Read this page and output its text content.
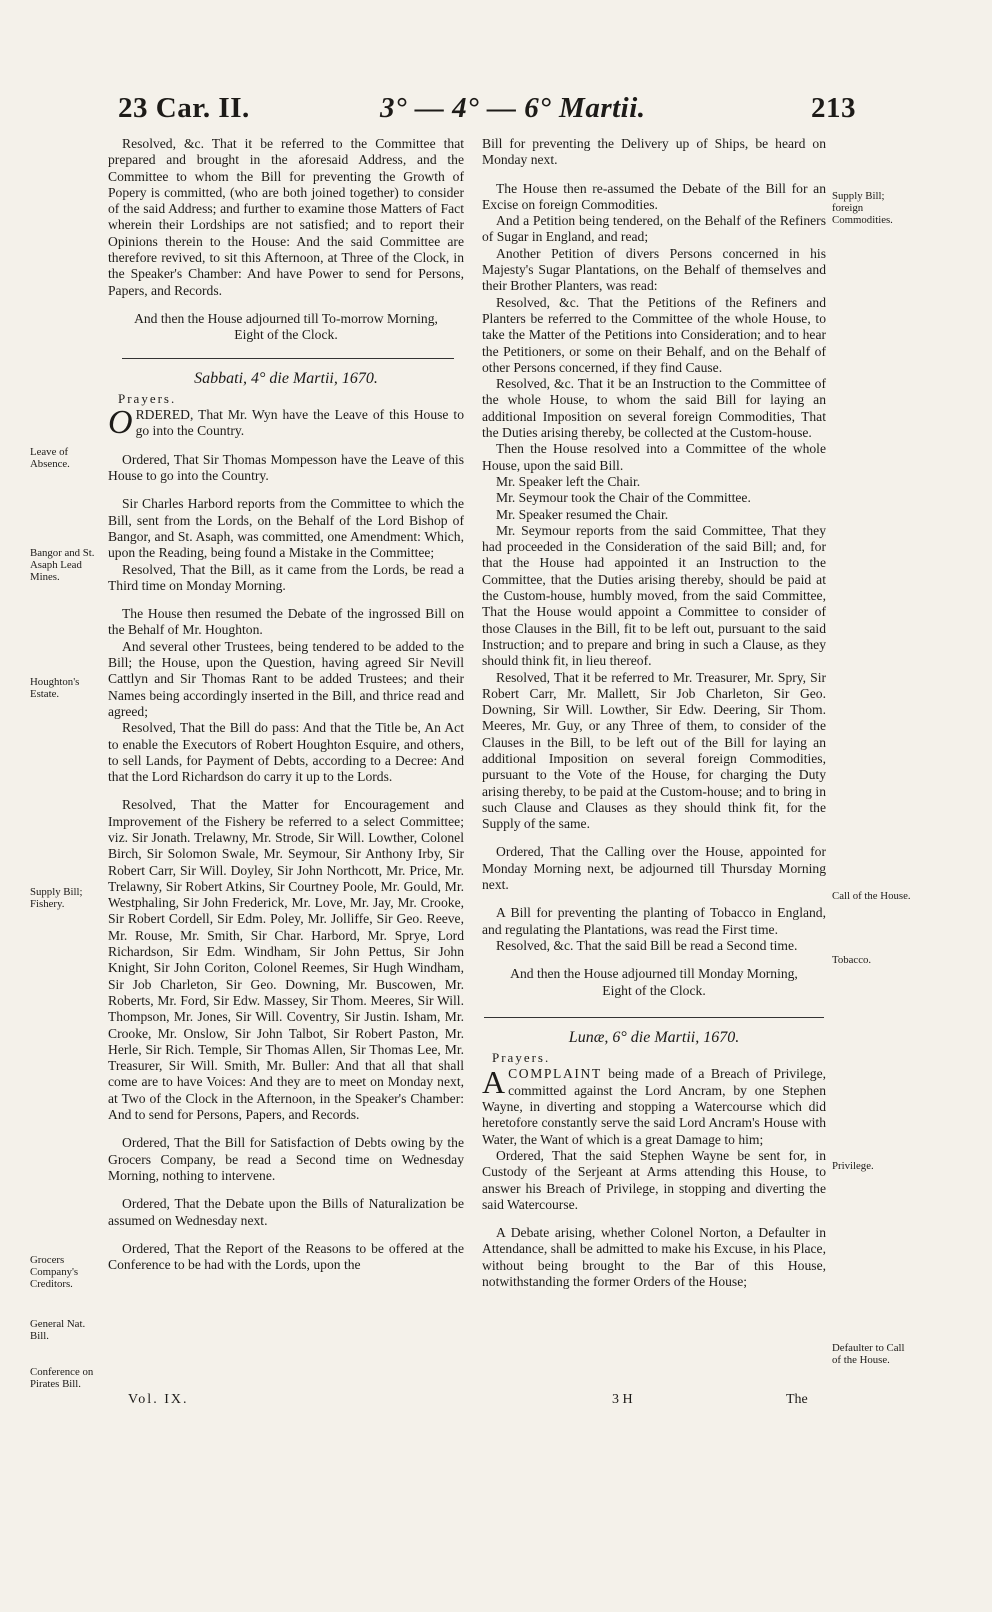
23 Car. II.	3° — 4° — 6° Martii.	213
Leave of Absence.
Bangor and St. Asaph Lead Mines.
Houghton's Estate.
Supply Bill; Fishery.
Grocers Company's Creditors.
General Nat. Bill.
Conference on Pirates Bill.
Supply Bill; foreign Commodities.
Call of the House.
Tobacco.
Privilege.
Defaulter to Call of the House.

Resolved, &c. That it be referred to the Committee that prepared and brought in the aforesaid Address, and the Committee to whom the Bill for preventing the Growth of Popery is committed, (who are both joined together) to consider of the said Address; and further to examine those Matters of Fact wherein their Lordships are not satisfied; and to report their Opinions therein to the House: And the said Committee are therefore revived, to sit this Afternoon, at Three of the Clock, in the Speaker's Chamber: And have Power to send for Persons, Papers, and Records.

And then the House adjourned till To-morrow Morning, Eight of the Clock.

Sabbati, 4° die Martii, 1670.
Prayers.

ORDERED, That Mr. Wyn have the Leave of this House to go into the Country.

Ordered, That Sir Thomas Mompesson have the Leave of this House to go into the Country.

Sir Charles Harbord reports from the Committee to which the Bill, sent from the Lords, on the Behalf of the Lord Bishop of Bangor, and St. Asaph, was committed, one Amendment: Which, upon the Reading, being found a Mistake in the Committee;

Resolved, That the Bill, as it came from the Lords, be read a Third time on Monday Morning.

The House then resumed the Debate of the ingrossed Bill on the Behalf of Mr. Houghton.

And several other Trustees, being tendered to be added to the Bill; the House, upon the Question, having agreed Sir Nevill Cattlyn and Sir Thomas Rant to be added Trustees; and their Names being accordingly inserted in the Bill, and thrice read and agreed;

Resolved, That the Bill do pass: And that the Title be, An Act to enable the Executors of Robert Houghton Esquire, and others, to sell Lands, for Payment of Debts, according to a Decree: And that the Lord Richardson do carry it up to the Lords.

Resolved, That the Matter for Encouragement and Improvement of the Fishery be referred to a select Committee; viz. Sir Jonath. Trelawny, Mr. Strode, Sir Will. Lowther, Colonel Birch, Sir Solomon Swale, Mr. Seymour, Sir Anthony Irby, Sir Robert Carr, Sir Will. Doyley, Sir John Northcott, Mr. Price, Mr. Trelawny, Sir Robert Atkins, Sir Courtney Poole, Mr. Gould, Mr. Westphaling, Sir John Frederick, Mr. Love, Mr. Jay, Mr. Crooke, Sir Robert Cordell, Sir Edm. Poley, Mr. Jolliffe, Sir Geo. Reeve, Mr. Rouse, Mr. Smith, Sir Char. Harbord, Mr. Sprye, Lord Richardson, Sir Edm. Windham, Sir John Pettus, Sir John Knight, Sir John Coriton, Colonel Reemes, Sir Hugh Windham, Sir Job Charleton, Sir Geo. Downing, Mr. Buscowen, Mr. Roberts, Mr. Ford, Sir Edw. Massey, Sir Thom. Meeres, Sir Will. Thompson, Mr. Jones, Sir Will. Coventry, Sir Justin. Isham, Mr. Crooke, Mr. Onslow, Sir John Talbot, Sir Robert Paston, Mr. Herle, Sir Rich. Temple, Sir Thomas Allen, Sir Thomas Lee, Mr. Treasurer, Sir Will. Smith, Mr. Buller: And that all that shall come are to have Voices: And they are to meet on Monday next, at Two of the Clock in the Afternoon, in the Speaker's Chamber: And to send for Persons, Papers, and Records.

Ordered, That the Bill for Satisfaction of Debts owing by the Grocers Company, be read a Second time on Wednesday Morning, nothing to intervene.

Ordered, That the Debate upon the Bills of Naturalization be assumed on Wednesday next.

Ordered, That the Report of the Reasons to be offered at the Conference to be had with the Lords, upon the

Bill for preventing the Delivery up of Ships, be heard on Monday next.

The House then re-assumed the Debate of the Bill for an Excise on foreign Commodities.

And a Petition being tendered, on the Behalf of the Refiners of Sugar in England, and read;

Another Petition of divers Persons concerned in his Majesty's Sugar Plantations, on the Behalf of themselves and their Brother Planters, was read:

Resolved, &c. That the Petitions of the Refiners and Planters be referred to the Committee of the whole House, to take the Matter of the Petitions into Consideration; and to hear the Petitioners, or some on their Behalf, and on the Behalf of other Persons concerned, if they find Cause.

Resolved, &c. That it be an Instruction to the Committee of the whole House, to whom the said Bill for laying an additional Imposition on several foreign Commodities, That the Duties arising thereby, be collected at the Custom-house.

Then the House resolved into a Committee of the whole House, upon the said Bill.

Mr. Speaker left the Chair.

Mr. Seymour took the Chair of the Committee.

Mr. Speaker resumed the Chair.

Mr. Seymour reports from the said Committee, That they had proceeded in the Consideration of the said Bill; and, for that the House had appointed it an Instruction to the Committee, that the Duties arising thereby, should be paid at the Custom-house, humbly moved, from the said Committee, That the House would appoint a Committee to consider of those Clauses in the Bill, fit to be left out, pursuant to the said Instruction; and to prepare and bring in such a Clause, as they should think fit, in lieu thereof.

Resolved, That it be referred to Mr. Treasurer, Mr. Spry, Sir Robert Carr, Mr. Mallett, Sir Job Charleton, Sir Geo. Downing, Sir Will. Lowther, Sir Edw. Deering, Sir Thom. Meeres, Mr. Guy, or any Three of them, to consider of the Clauses in the Bill, to be left out of the Bill for laying an additional Imposition on several foreign Commodities, pursuant to the Vote of the House, for charging the Duty arising thereby, to be paid at the Custom-house; and to bring in such Clause and Clauses as they should think fit, for the Supply of the same.

Ordered, That the Calling over the House, appointed for Monday Morning next, be adjourned till Thursday Morning next.

A Bill for preventing the planting of Tobacco in England, and regulating the Plantations, was read the First time.

Resolved, &c. That the said Bill be read a Second time.

And then the House adjourned till Monday Morning, Eight of the Clock.

Lunæ, 6° die Martii, 1670.
Prayers.

ACOMPLAINT being made of a Breach of Privilege, committed against the Lord Ancram, by one Stephen Wayne, in diverting and stopping a Watercourse which did heretofore constantly serve the said Lord Ancram's House with Water, the Want of which is a great Damage to him;

Ordered, That the said Stephen Wayne be sent for, in Custody of the Serjeant at Arms attending this House, to answer his Breach of Privilege, in stopping and diverting the said Watercourse.

A Debate arising, whether Colonel Norton, a Defaulter in Attendance, shall be admitted to make his Excuse, in his Place, without being brought to the Bar of this House, notwithstanding the former Orders of the House;

Vol. IX.	3 H	The
